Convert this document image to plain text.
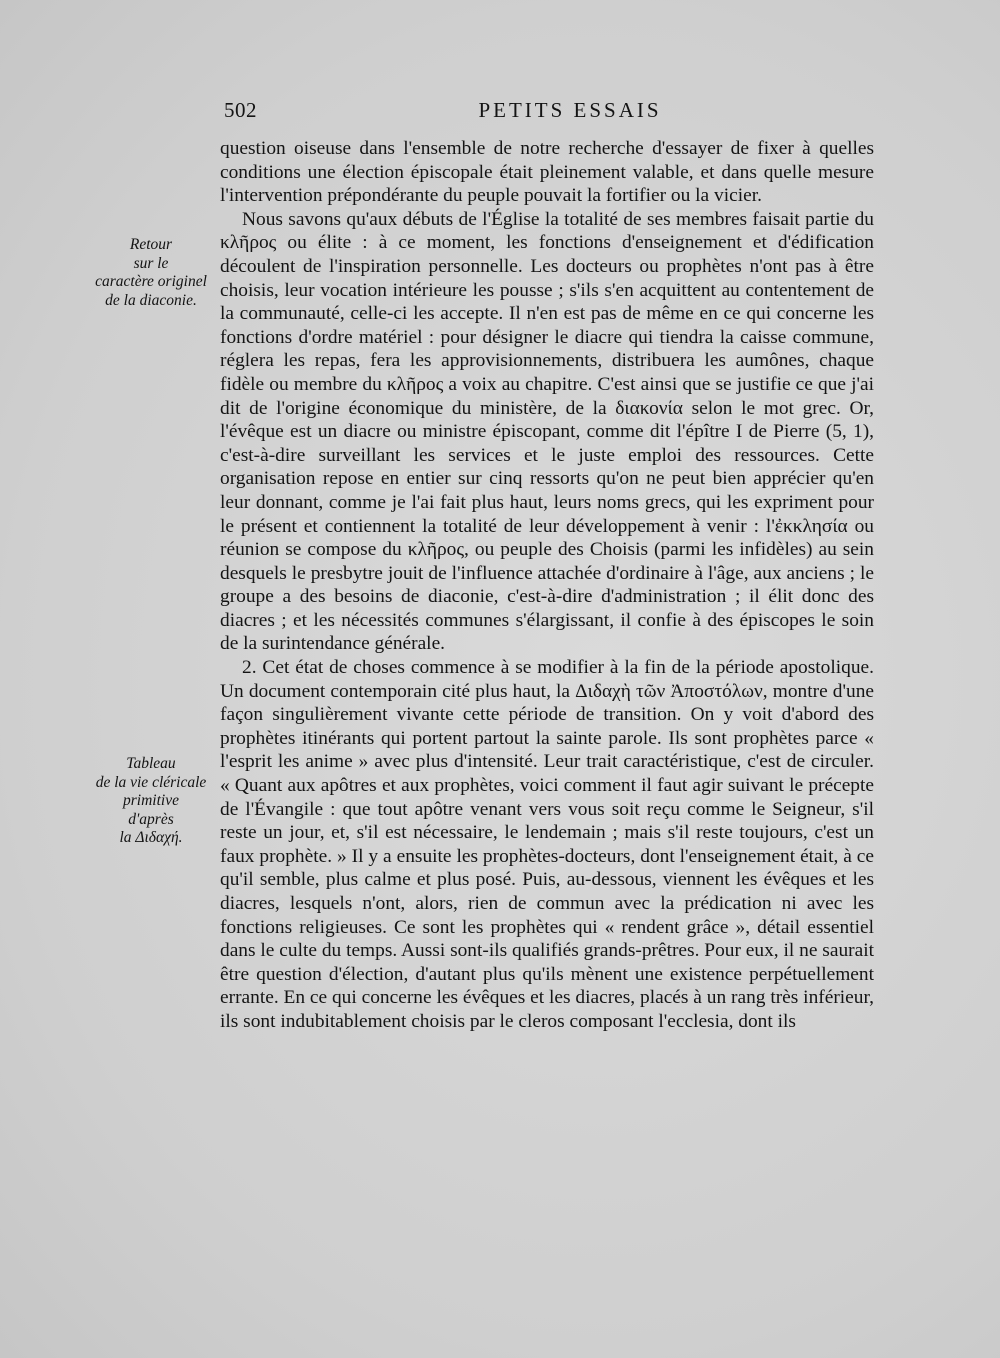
502	PETITS ESSAIS
Retour
sur le
caractère originel
de la diaconie.
Tableau
de la vie cléricale
primitive
d'après
la Διδαχή.

question oiseuse dans l'ensemble de notre recherche d'essayer de fixer à quelles conditions une élection épiscopale était pleinement valable, et dans quelle mesure l'intervention prépondérante du peuple pouvait la fortifier ou la vicier.

Nous savons qu'aux débuts de l'Église la totalité de ses membres faisait partie du κλῆρος ou élite : à ce moment, les fonctions d'enseignement et d'édification découlent de l'inspiration personnelle. Les docteurs ou prophètes n'ont pas à être choisis, leur vocation intérieure les pousse ; s'ils s'en acquittent au contentement de la communauté, celle-ci les accepte. Il n'en est pas de même en ce qui concerne les fonctions d'ordre matériel : pour désigner le diacre qui tiendra la caisse commune, réglera les repas, fera les approvisionnements, distribuera les aumônes, chaque fidèle ou membre du κλῆρος a voix au chapitre. C'est ainsi que se justifie ce que j'ai dit de l'origine économique du ministère, de la διακονία selon le mot grec. Or, l'évêque est un diacre ou ministre épiscopant, comme dit l'épître I de Pierre (5, 1), c'est-à-dire surveillant les services et le juste emploi des ressources. Cette organisation repose en entier sur cinq ressorts qu'on ne peut bien apprécier qu'en leur donnant, comme je l'ai fait plus haut, leurs noms grecs, qui les expriment pour le présent et contiennent la totalité de leur développement à venir : l'ἐκκλησία ou réunion se compose du κλῆρος, ou peuple des Choisis (parmi les infidèles) au sein desquels le presbytre jouit de l'influence attachée d'ordinaire à l'âge, aux anciens ; le groupe a des besoins de diaconie, c'est-à-dire d'administration ; il élit donc des diacres ; et les nécessités communes s'élargissant, il confie à des épiscopes le soin de la surintendance générale.

2. Cet état de choses commence à se modifier à la fin de la période apostolique. Un document contemporain cité plus haut, la Διδαχὴ τῶν Ἀποστόλων, montre d'une façon singulièrement vivante cette période de transition. On y voit d'abord des prophètes itinérants qui portent partout la sainte parole. Ils sont prophètes parce « l'esprit les anime » avec plus d'intensité. Leur trait caractéristique, c'est de circuler. « Quant aux apôtres et aux prophètes, voici comment il faut agir suivant le précepte de l'Évangile : que tout apôtre venant vers vous soit reçu comme le Seigneur, s'il reste un jour, et, s'il est nécessaire, le lendemain ; mais s'il reste toujours, c'est un faux prophète. » Il y a ensuite les prophètes-docteurs, dont l'enseignement était, à ce qu'il semble, plus calme et plus posé. Puis, au-dessous, viennent les évêques et les diacres, lesquels n'ont, alors, rien de commun avec la prédication ni avec les fonctions religieuses. Ce sont les prophètes qui « rendent grâce », détail essentiel dans le culte du temps. Aussi sont-ils qualifiés grands-prêtres. Pour eux, il ne saurait être question d'élection, d'autant plus qu'ils mènent une existence perpétuellement errante. En ce qui concerne les évêques et les diacres, placés à un rang très inférieur, ils sont indubitablement choisis par le cleros composant l'ecclesia, dont ils
